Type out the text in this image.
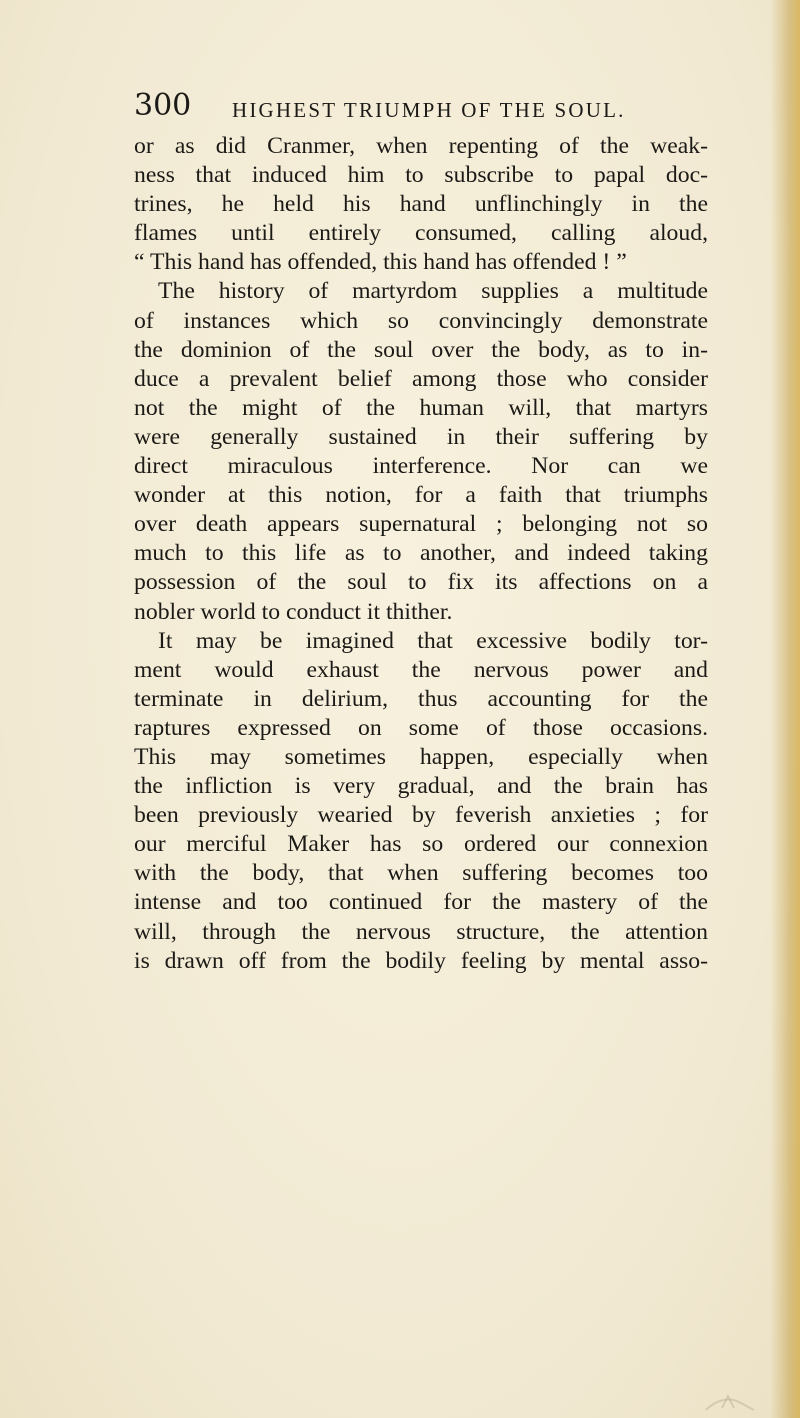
300 HIGHEST TRIUMPH OF THE SOUL.
or as did Cranmer, when repenting of the weak-
ness that induced him to subscribe to papal doc-
trines, he held his hand unflinchingly in the
flames until entirely consumed, calling aloud,
“ This hand has offended, this hand has offended ! ”
The history of martyrdom supplies a multitude
of instances which so convincingly demonstrate
the dominion of the soul over the body, as to in-
duce a prevalent belief among those who consider
not the might of the human will, that martyrs
were generally sustained in their suffering by
direct miraculous interference. Nor can we
wonder at this notion, for a faith that triumphs
over death appears supernatural ; belonging not so
much to this life as to another, and indeed taking
possession of the soul to fix its affections on a
nobler world to conduct it thither.
It may be imagined that excessive bodily tor-
ment would exhaust the nervous power and
terminate in delirium, thus accounting for the
raptures expressed on some of those occasions.
This may sometimes happen, especially when
the infliction is very gradual, and the brain has
been previously wearied by feverish anxieties ; for
our merciful Maker has so ordered our connexion
with the body, that when suffering becomes too
intense and too continued for the mastery of the
will, through the nervous structure, the attention
is drawn off from the bodily feeling by mental asso-
